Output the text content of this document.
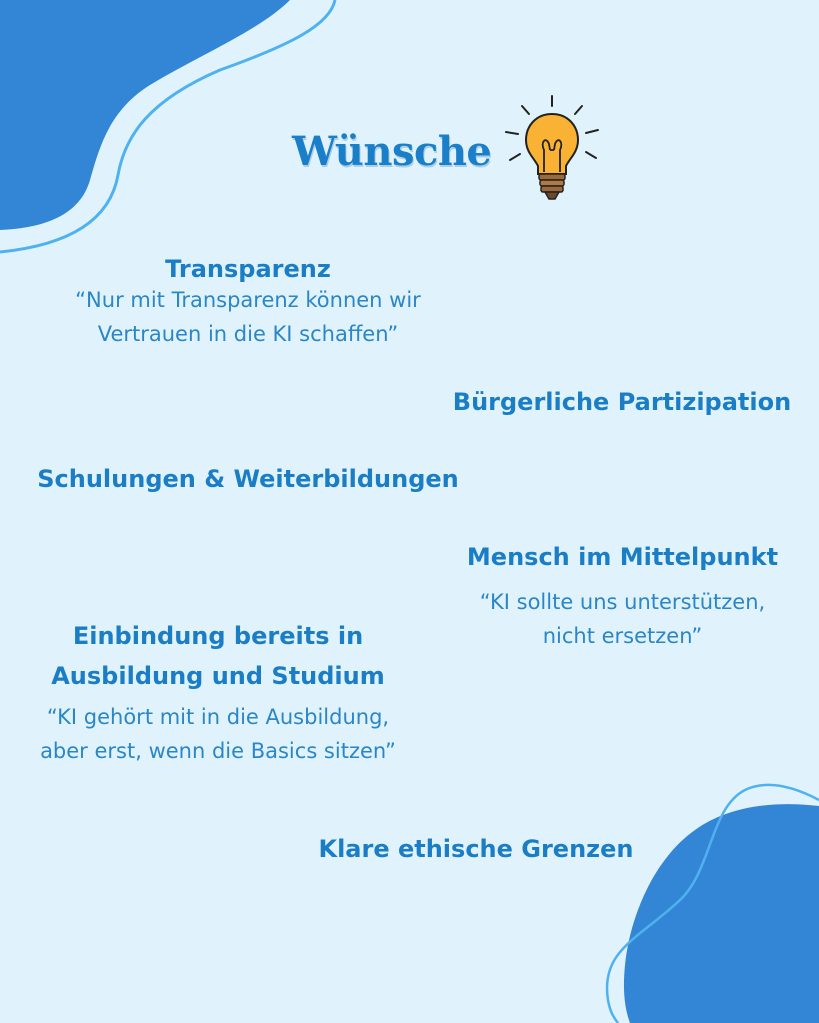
Wünsche
Transparenz
“Nur mit Transparenz können wir
Vertrauen in die KI schaffen”
Bürgerliche Partizipation
Schulungen & Weiterbildungen
Mensch im Mittelpunkt
“KI sollte uns unterstützen,
nicht ersetzen”
Einbindung bereits in
Ausbildung und Studium
“KI gehört mit in die Ausbildung,
aber erst, wenn die Basics sitzen”
Klare ethische Grenzen
